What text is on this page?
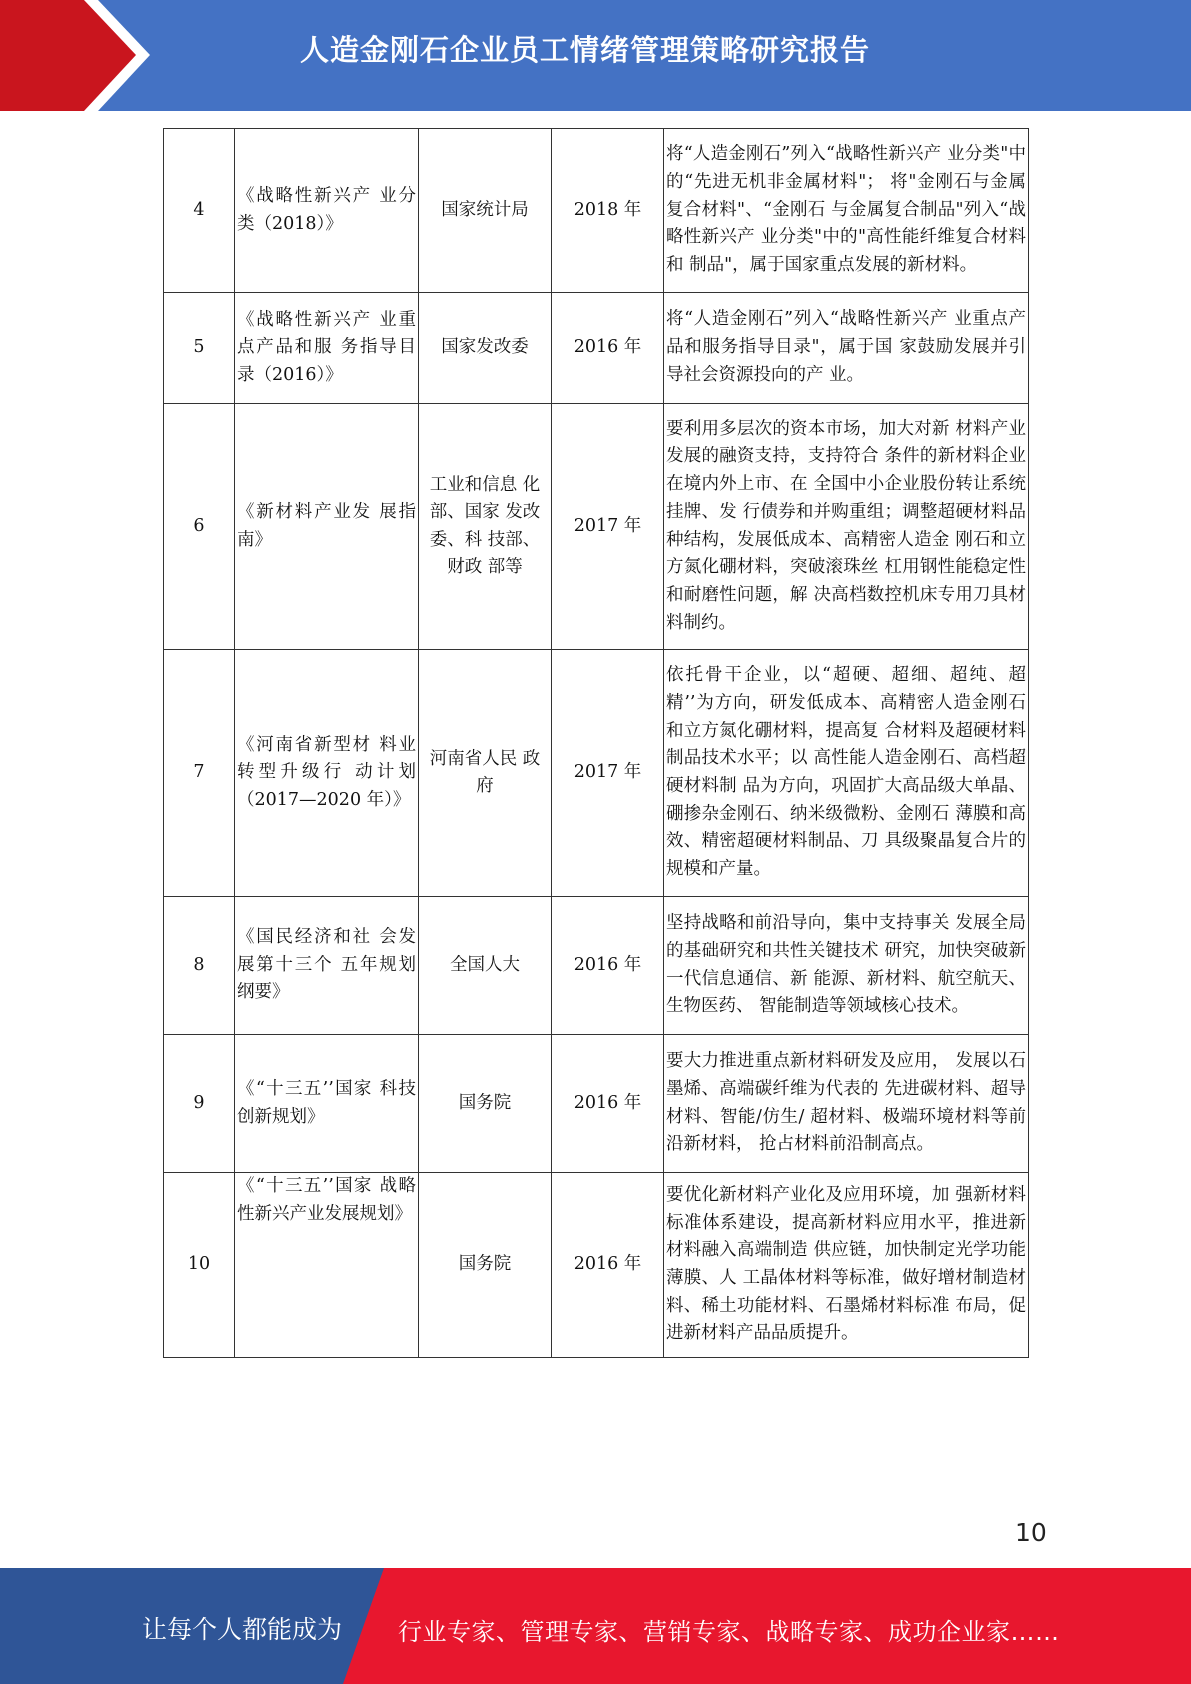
人造金刚石企业员工情绪管理策略研究报告
4	《战略性新兴产 业分类（2018）》	国家统计局	2018 年	将“人造金刚石”列入“战略性新兴产 业分类"中的“先进无机非金属材料"； 将"金刚石与金属复合材料"、“金刚石 与金属复合制品"列入“战略性新兴产 业分类"中的"高性能纤维复合材料和 制品"，属于国家重点发展的新材料。

5	《战略性新兴产 业重点产品和服 务指导目录（2016）》	国家发改委	2016 年	将“人造金刚石”列入“战略性新兴产 业重点产品和服务指导目录"，属于国 家鼓励发展并引导社会资源投向的产 业。

6	《新材料产业发 展指南》	工业和信息 化部、国家 发改委、科 技部、财政 部等	2017 年	要利用多层次的资本市场，加大对新 材料产业发展的融资支持，支持符合 条件的新材料企业在境内外上市、在 全国中小企业股份转让系统挂牌、发 行债券和并购重组；调整超硬材料品 种结构，发展低成本、高精密人造金 刚石和立方氮化硼材料，突破滚珠丝 杠用钢性能稳定性和耐磨性问题，解 决高档数控机床专用刀具材料制约。

7	《河南省新型材 料业转型升级行 动计划（2017—2020 年）》	河南省人民 政府	2017 年	依托骨干企业，以“超硬、超细、超纯、超精’’为方向，研发低成本、高精密人造金刚石和立方氮化硼材料，提高复 合材料及超硬材料制品技术水平；以 高性能人造金刚石、高档超硬材料制 品为方向，巩固扩大高品级大单晶、 硼掺杂金刚石、纳米级微粉、金刚石 薄膜和高效、精密超硬材料制品、刀 具级聚晶复合片的规模和产量。

8	《国民经济和社 会发展第十三个 五年规划纲要》	全国人大	2016 年	坚持战略和前沿导向，集中支持事关 发展全局的基础研究和共性关键技术 研究，加快突破新一代信息通信、新 能源、新材料、航空航天、生物医药、 智能制造等领域核心技术。

9	《“十三五’’国家 科技创新规划》	国务院	2016 年	要大力推进重点新材料研发及应用， 发展以石墨烯、高端碳纤维为代表的 先进碳材料、超导材料、智能/仿生/ 超材料、极端环境材料等前沿新材料， 抢占材料前沿制高点。

10	《“十三五’’国家 战略性新兴产业发展规划》	国务院	2016 年	要优化新材料产业化及应用环境，加 强新材料标准体系建设，提高新材料应用水平，推进新材料融入高端制造 供应链，加快制定光学功能薄膜、人 工晶体材料等标准，做好增材制造材 料、稀土功能材料、石墨烯材料标准 布局，促进新材料产品品质提升。
10
让每个人都能成为 行业专家、管理专家、营销专家、战略专家、成功企业家……
